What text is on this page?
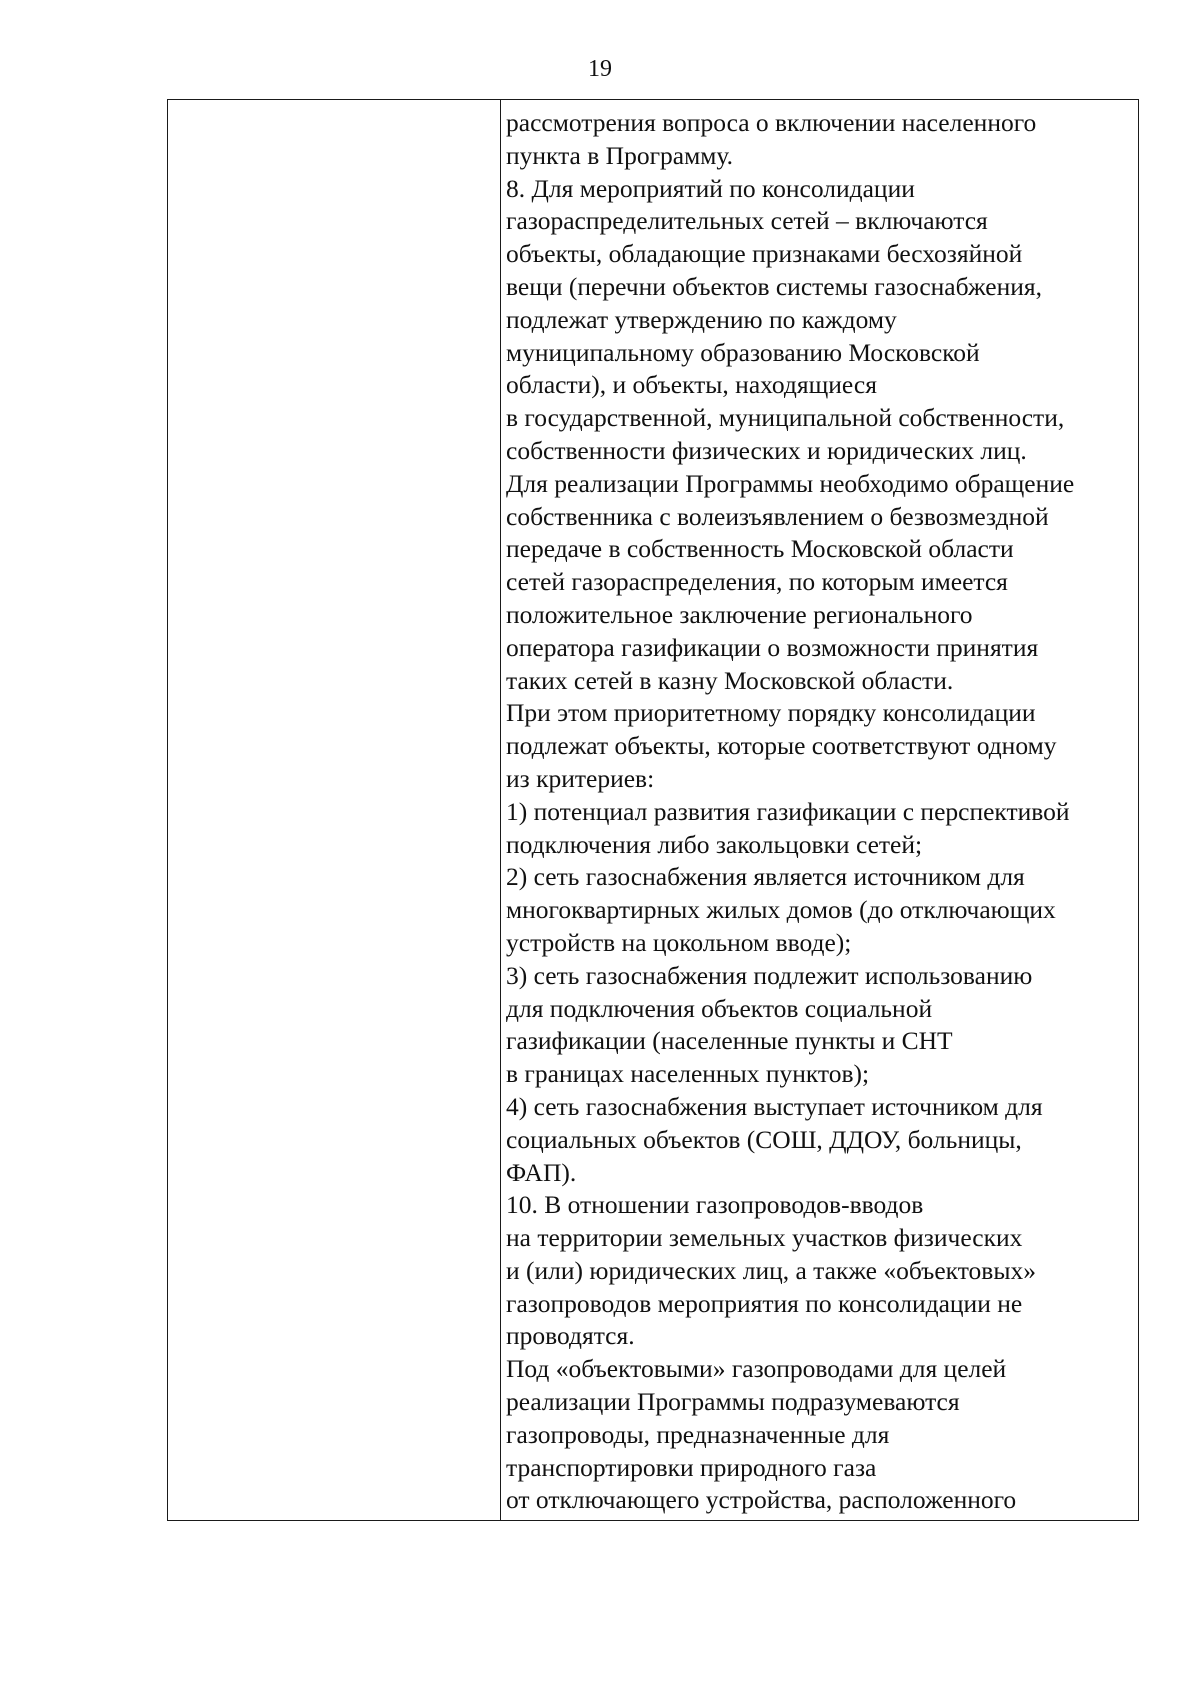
19
рассмотрения вопроса о включении населенного
пункта в Программу.
8. Для мероприятий по консолидации
газораспределительных сетей – включаются
объекты, обладающие признаками бесхозяйной
вещи (перечни объектов системы газоснабжения,
подлежат утверждению по каждому
муниципальному образованию Московской
области), и объекты, находящиеся
в государственной, муниципальной собственности,
собственности физических и юридических лиц.
Для реализации Программы необходимо обращение
собственника с волеизъявлением о безвозмездной
передаче в собственность Московской области
сетей газораспределения, по которым имеется
положительное заключение регионального
оператора газификации о возможности принятия
таких сетей в казну Московской области.
При этом приоритетному порядку консолидации
подлежат объекты, которые соответствуют одному
из критериев:
1) потенциал развития газификации с перспективой
подключения либо закольцовки сетей;
2) сеть газоснабжения является источником для
многоквартирных жилых домов (до отключающих
устройств на цокольном вводе);
3) сеть газоснабжения подлежит использованию
для подключения объектов социальной
газификации (населенные пункты и СНТ
в границах населенных пунктов);
4) сеть газоснабжения выступает источником для
социальных объектов (СОШ, ДДОУ, больницы,
ФАП).
10. В отношении газопроводов-вводов
на территории земельных участков физических
и (или) юридических лиц, а также «объектовых»
газопроводов мероприятия по консолидации не
проводятся.
Под «объектовыми» газопроводами для целей
реализации Программы подразумеваются
газопроводы, предназначенные для
транспортировки природного газа
от отключающего устройства, расположенного
